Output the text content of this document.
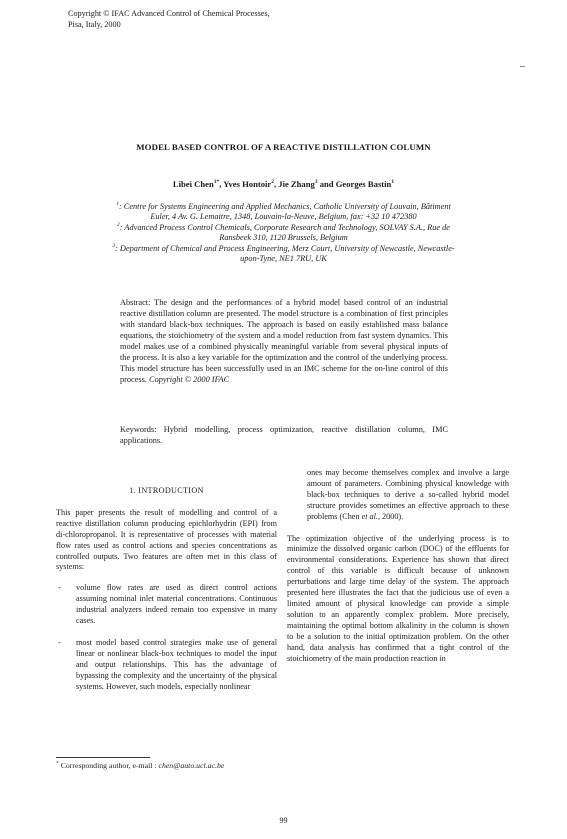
Copyright © IFAC Advanced Control of Chemical Processes,
Pisa, Italy, 2000
MODEL BASED CONTROL OF A REACTIVE DISTILLATION COLUMN
Libei Chen$^{1*}$, Yves Hontoir$^2$, Jie Zhang$^3$ and Georges Bastin$^1$

$^1$: Centre for Systems Engineering and Applied Mechanics, Catholic University of Louvain, Bâtiment Euler, 4 Av. G. Lemaitre, 1348, Louvain-la-Neuve, Belgium, fax: +32 10 472380

$^2$: Advanced Process Control Chemicals, Corporate Research and Technology, SOLVAY S.A., Rue de Ransbeek 310, 1120 Brussels, Belgium

$^3$: Department of Chemical and Process Engineering, Merz Court, University of Newcastle, Newcastle-upon-Tyne, NE1 7RU, UK

Abstract: The design and the performances of a hybrid model based control of an industrial reactive distillation column are presented. The model structure is a combination of first principles with standard black-box techniques. The approach is based on easily established mass balance equations, the stoichiometry of the system and a model reduction from fast system dynamics. This model makes use of a combined physically meaningful variable from several physical inputs of the process. It is also a key variable for the optimization and the control of the underlying process. This model structure has been successfully used in an IMC scheme for the on-line control of this process. Copyright © 2000 IFAC
Keywords: Hybrid modelling, process optimization, reactive distillation column, IMC applications.
1. INTRODUCTION

This paper presents the result of modelling and control of a reactive distillation column producing epichlorhydrin (EPI) from di-chloropropanol. It is representative of processes with material flow rates used as control actions and species concentrations as controlled outputs. Two features are often met in this class of systems:

- volume flow rates are used as direct control actions assuming nominal inlet material concentrations. Continuous industrial analyzers indeed remain too expensive in many cases.
- most model based control strategies make use of general linear or nonlinear black-box techniques to model the input and output relationships. This has the advantage of bypassing the complexity and the uncertainty of the physical systems. However, such models, especially nonlinear

ones may become themselves complex and involve a large amount of parameters. Combining physical knowledge with black-box techniques to derive a so-called hybrid model structure provides sometimes an effective approach to these problems (Chen et al., 2000).

The optimization objective of the underlying process is to minimize the dissolved organic carbon (DOC) of the effluents for environmental considerations. Experience has shown that direct control of this variable is difficult because of unknown perturbations and large time delay of the system. The approach presented here illustrates the fact that the judicious use of even a limited amount of physical knowledge can provide a simple solution to an apparently complex problem. More precisely, maintaining the optimal bottom alkalinity in the column is shown to be a solution to the initial optimization problem. On the other hand, data analysis has confirmed that a tight control of the stoichiometry of the main production reaction in

* Corresponding author, e-mail : chen@auto.ucl.ac.be
99
